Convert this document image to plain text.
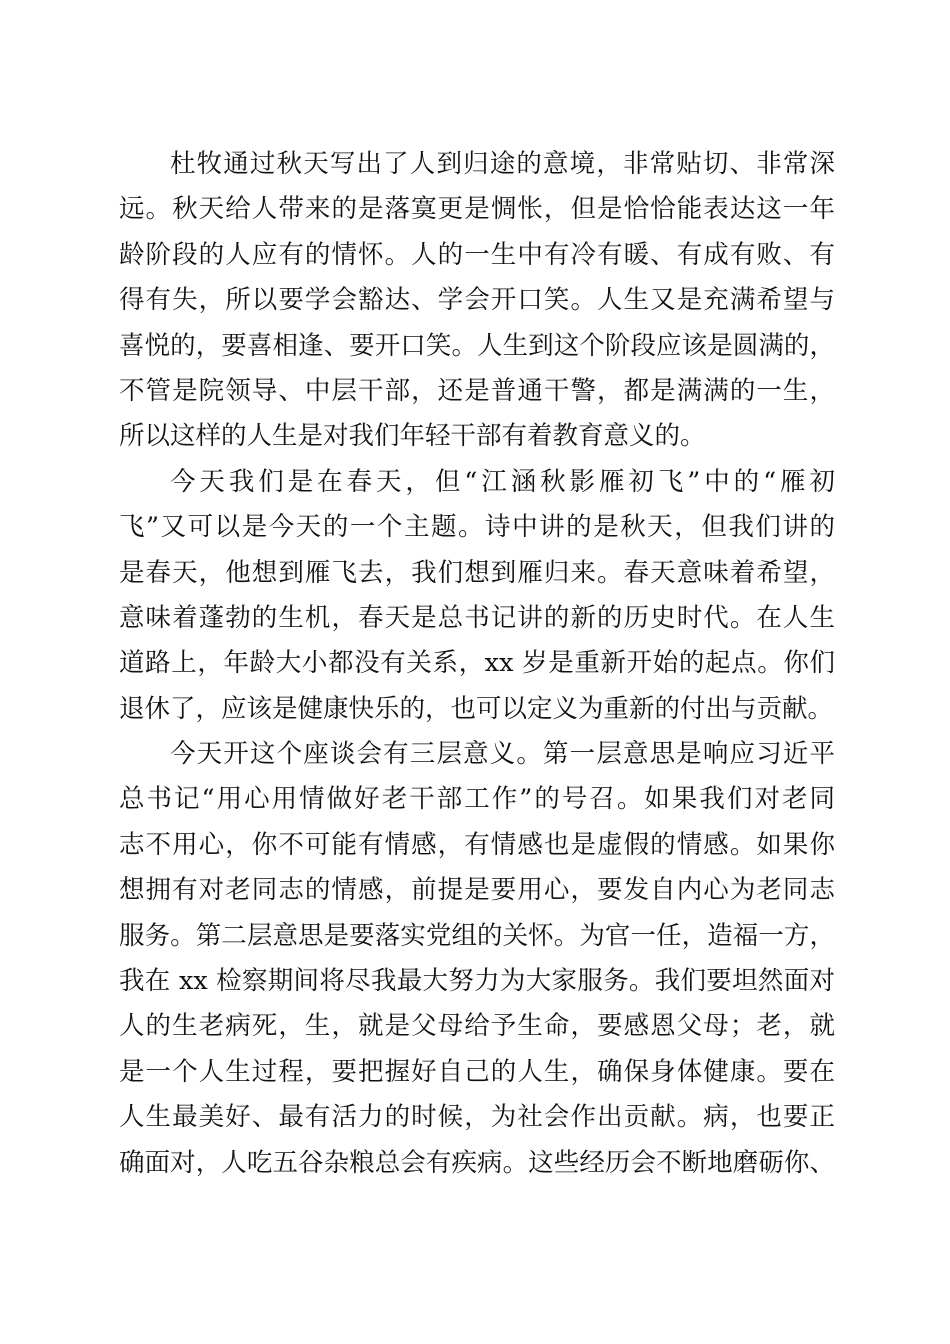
杜牧通过秋天写出了人到归途的意境，非常贴切、非常深
远。秋天给人带来的是落寞更是惆怅，但是恰恰能表达这一年
龄阶段的人应有的情怀。人的一生中有冷有暖、有成有败、有
得有失，所以要学会豁达、学会开口笑。人生又是充满希望与
喜悦的，要喜相逢、要开口笑。人生到这个阶段应该是圆满的，
不管是院领导、中层干部，还是普通干警，都是满满的一生，
所以这样的人生是对我们年轻干部有着教育意义的。
今天我们是在春天，但“江涵秋影雁初飞”中的“雁初
飞”又可以是今天的一个主题。诗中讲的是秋天，但我们讲的
是春天，他想到雁飞去，我们想到雁归来。春天意味着希望，
意味着蓬勃的生机，春天是总书记讲的新的历史时代。在人生
道路上，年龄大小都没有关系，xx 岁是重新开始的起点。你们
退休了，应该是健康快乐的，也可以定义为重新的付出与贡献。
今天开这个座谈会有三层意义。第一层意思是响应习近平
总书记“用心用情做好老干部工作”的号召。如果我们对老同
志不用心，你不可能有情感，有情感也是虚假的情感。如果你
想拥有对老同志的情感，前提是要用心，要发自内心为老同志
服务。第二层意思是要落实党组的关怀。为官一任，造福一方，
我在 xx 检察期间将尽我最大努力为大家服务。我们要坦然面对
人的生老病死，生，就是父母给予生命，要感恩父母；老，就
是一个人生过程，要把握好自己的人生，确保身体健康。要在
人生最美好、最有活力的时候，为社会作出贡献。病，也要正
确面对，人吃五谷杂粮总会有疾病。这些经历会不断地磨砺你、
